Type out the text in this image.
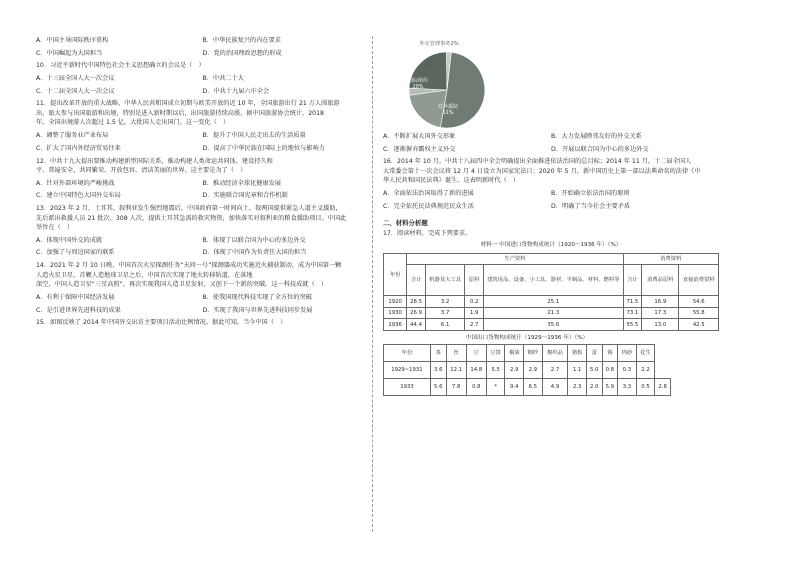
A．中国主导国际秩序重构	B．中华民族复兴的内在要求
C．中国崛起为大国担当	D．党的治国理政思想的形成
10．习近平新时代中国特色社会主义思想确立的会议是（　）
A．十三届全国人大一次会议	B．中共二十大
C．十二届全国人大一次会议	D．中共十九届六中全会
11．提出改革开放的重大战略，中华人民共和国成立初期与欧美开放的近 10 年，全国旅游出行 21 万人围旅游
出，旅大参与出国旅游和出境，特别是进入新时期以后，出国旅游持续高涨，据中国旅游协会统计，2018
年，全国出境游人次超过 1.5 亿，大批国人走出国门。这一变化（　）
A．调整了服务业产业布局	B．提升了中国人民走出去的生活质量
C．扩大了国内外经济贸易往来	D．提高了中华民族在国际上的地位与影响力
12．中共十九大提出要推动构建新型国际关系，推动构建人类命运共同体，建设持久和
平、普遍安全、共同繁荣、开放包容、清洁美丽的世界。这主要是为了（　）
A．针对外部环境的严峻挑战	B．推动经济全球化健康发展
C．建立中国特色大国外交布局	D．实施联合国宪章和合作机制
13．2023 年 2 月，土耳其、叙利亚发生强烈地震后，中国政府第一时间向土、叙两国提供紧急人道主义援助，
先后派出救援人员 21 批次、308 人次，提供土耳其急需的救灾物资，加快落实对叙利亚的粮食援助项目。中国此
举旨在（　）
A．体现中国外交的成就	B．体现了以联合国为中心的多边外交
C．加强了与周边国家的联系	D．体现了中国作为负责任大国的担当
14．2021 年 2 月 10 日晚，中国首次火星探测任务“天问一号”探测器成功实施近火捕获制动，成为中国第一颗
人造火星卫星，首颗人造地球卫星之后，中国首次实现了地火转移轨道，在落地
深空，中国人造卫星“三星高照”，再次实现我国人造卫星发射，又创下一个新的突破。这一科技成就（　）
A．有利于保障中国经济发展	B．使我国现代科技实现了全方位的突破
C．是引进世界先进科技的成果	D．实现了我国与世界先进科技同步发展
15．如图反映了 2014 年中国外交出访主要项目活动比例情况。据此可知，当今中国（　）
外交管理事务2%
对外援助
51%
国际组织
20%
其他
A．不断扩展大国外交形象	B．大力发展睦邻友好的外交关系
C．逐渐摒弃霸权主义外交	D．开展以联合国为中心的多边外交
16．2014 年 10 月，中共十八届四中全会明确提出全面推进依法治国的总目标；2014 年 11 月，十二届全国人
大常委会第十一次会议将 12 月 4 日设立为国家宪法日；2020 年 5 月，新中国历史上第一部以法典命名的法律《中
华人民共和国民法典》诞生。这表明新时代（　）
A．全面依法治国取得了新的进展	B．开始确立依法治国的原则
C．完全依托民法典规范民众生活	D．明确了当今社会主要矛盾
二、材料分析题
17．阅读材料，完成下列要求。
材料一 中国进口货物构成统计（1920～1936 年）（%）
年份	生产资料				消费资料		
	合计	机器及大工具	原料	建筑用品、设备、小工具、器材、半制品、材料、燃料等	合计	消费品原料	直接消费资料
1920	28.5	3.2	0.2	25.1	71.5	16.9	54.6
1930	26.9	3.7	1.9	21.3	73.1	17.3	55.8
1936	44.4	6.1	2.7	35.6	55.5	13.0	42.5
中国出口货物构成统计（1929～1936 年）（%）
年份	茶	丝	豆	豆饼	桐油	棉纱	棉织品	猪鬃	蛋	锡	钨砂	花生	
1929~1931	3.6	12.1	14.8	5.5	2.9	2.9	2.7	1.1	5.0	0.8	0.3	2.2	
1933	5.6	7.8	0.8	*	9.4	6.5	4.9	2.3	2.0	5.9	3.3	0.5	2.8
